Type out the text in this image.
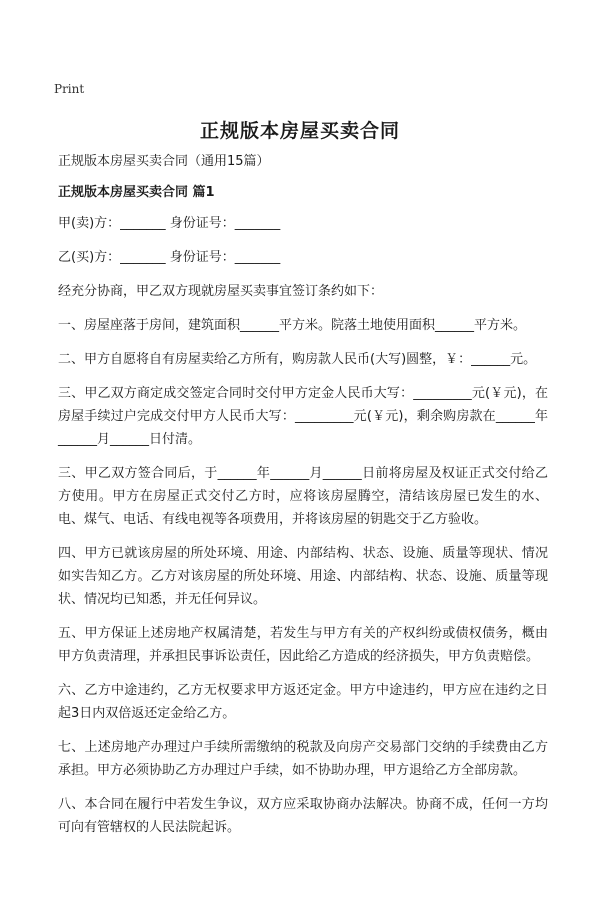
Print
正规版本房屋买卖合同
正规版本房屋买卖合同（通用15篇）
正规版本房屋买卖合同 篇1
甲(卖)方：_______ 身份证号：_______
乙(买)方：_______ 身份证号：_______
经充分协商，甲乙双方现就房屋买卖事宜签订条约如下：
一、房屋座落于房间，建筑面积______平方米。院落土地使用面积______平方米。
二、甲方自愿将自有房屋卖给乙方所有，购房款人民币(大写)圆整，￥：______元。
三、甲乙双方商定成交签定合同时交付甲方定金人民币大写：_________元(￥元)，在房屋手续过户完成交付甲方人民币大写：_________元(￥元)，剩余购房款在______年______月______日付清。
三、甲乙双方签合同后，于______年______月______日前将房屋及权证正式交付给乙方使用。甲方在房屋正式交付乙方时，应将该房屋腾空，清结该房屋已发生的水、电、煤气、电话、有线电视等各项费用，并将该房屋的钥匙交于乙方验收。
四、甲方已就该房屋的所处环境、用途、内部结构、状态、设施、质量等现状、情况如实告知乙方。乙方对该房屋的所处环境、用途、内部结构、状态、设施、质量等现状、情况均已知悉，并无任何异议。
五、甲方保证上述房地产权属清楚，若发生与甲方有关的产权纠纷或债权债务，概由甲方负责清理，并承担民事诉讼责任，因此给乙方造成的经济损失，甲方负责赔偿。
六、乙方中途违约，乙方无权要求甲方返还定金。甲方中途违约，甲方应在违约之日起3日内双倍返还定金给乙方。
七、上述房地产办理过户手续所需缴纳的税款及向房产交易部门交纳的手续费由乙方承担。甲方必须协助乙方办理过户手续，如不协助办理，甲方退给乙方全部房款。
八、本合同在履行中若发生争议，双方应采取协商办法解决。协商不成，任何一方均可向有管辖权的人民法院起诉。
